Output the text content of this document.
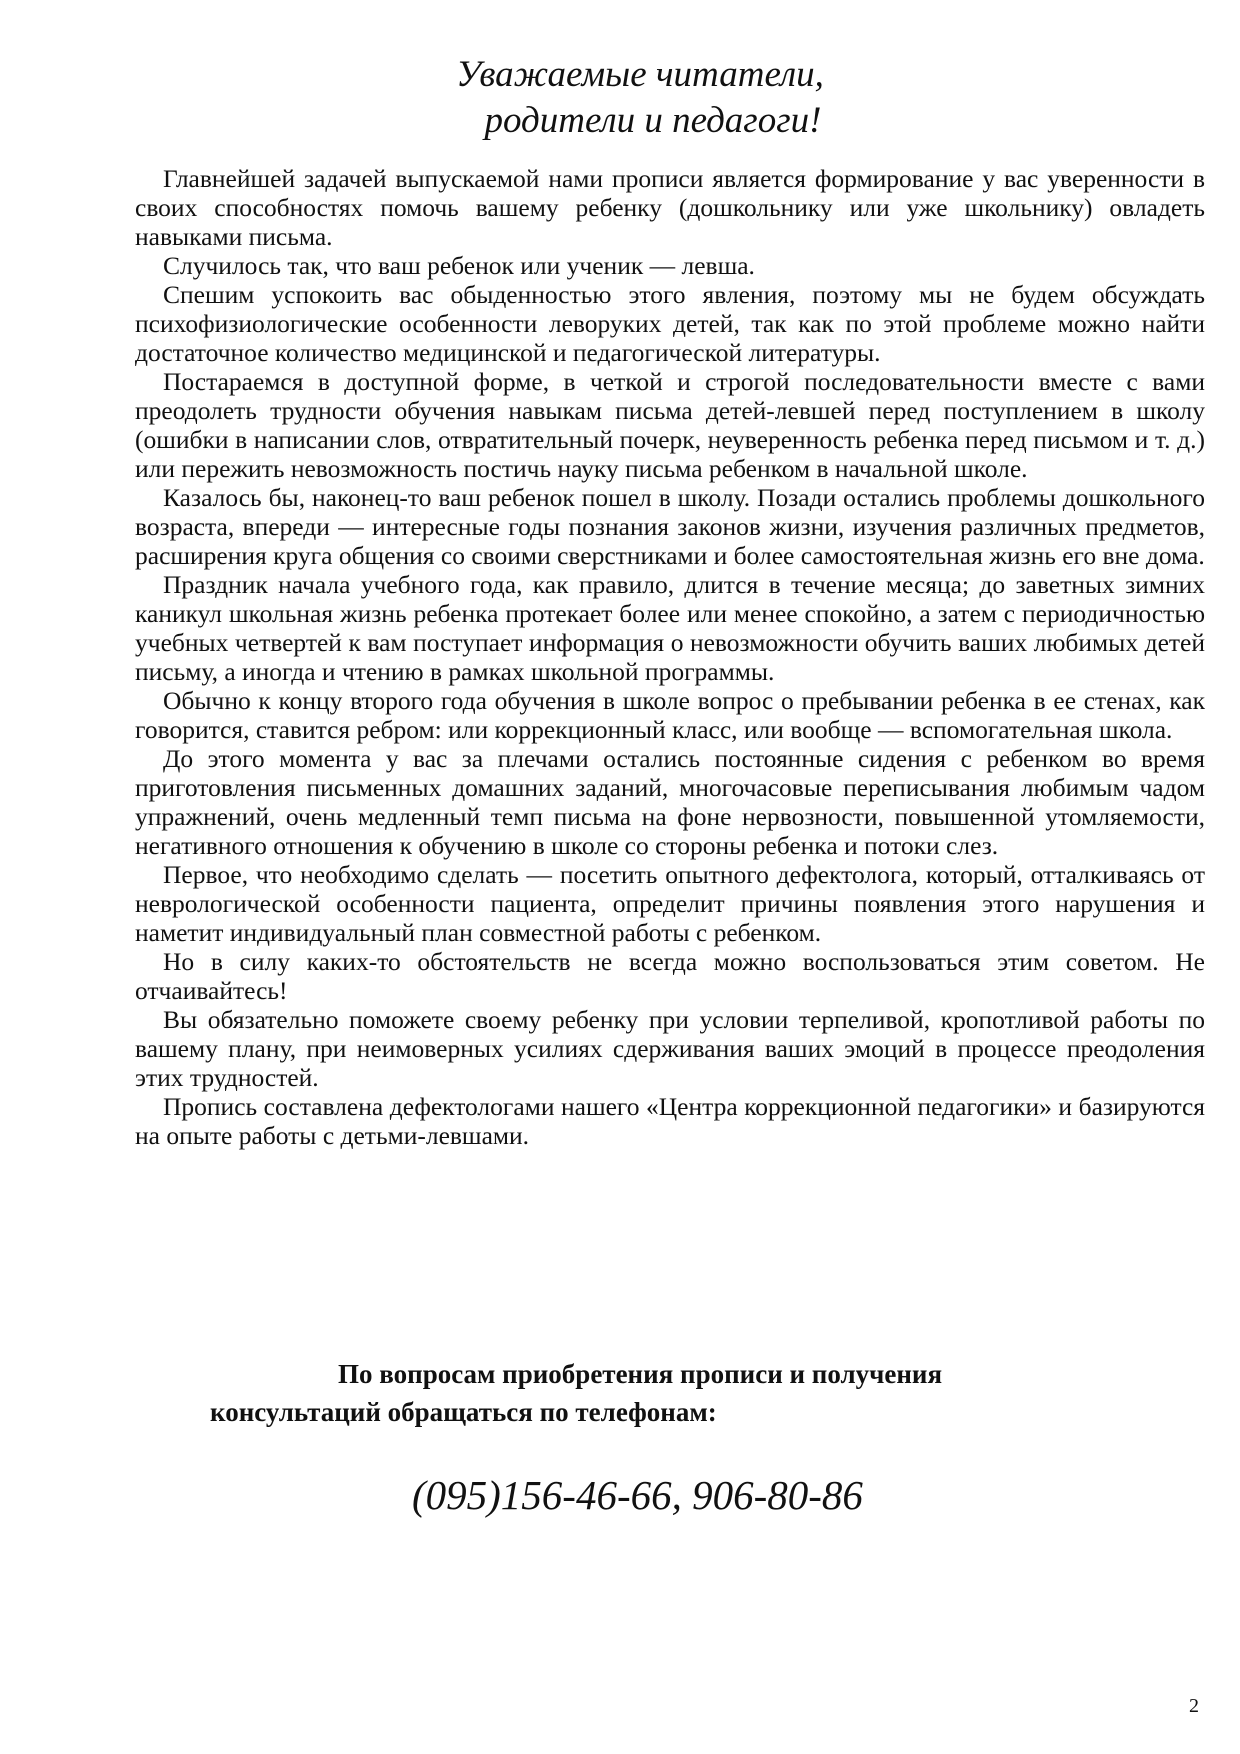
Уважаемые читатели,
родители и педагоги!

Главнейшей задачей выпускаемой нами прописи является формирование у вас уверенности в своих способностях помочь вашему ребенку (дошкольнику или уже школьнику) овладеть навыками письма.

Случилось так, что ваш ребенок или ученик — левша.

Спешим успокоить вас обыденностью этого явления, поэтому мы не будем обсуждать психофизиологические особенности леворуких детей, так как по этой проблеме можно найти достаточное количество медицинской и педагогической литературы.

Постараемся в доступной форме, в четкой и строгой последовательности вместе с вами преодолеть трудности обучения навыкам письма детей-левшей перед поступлением в школу (ошибки в написании слов, отвратительный почерк, неуверенность ребенка перед письмом и т. д.) или пережить невозможность постичь науку письма ребенком в начальной школе.

Казалось бы, наконец-то ваш ребенок пошел в школу. Позади остались проблемы дошкольного возраста, впереди — интересные годы познания законов жизни, изучения различных предметов, расширения круга общения со своими сверстниками и более самостоятельная жизнь его вне дома.

Праздник начала учебного года, как правило, длится в течение месяца; до заветных зимних каникул школьная жизнь ребенка протекает более или менее спокойно, а затем с периодичностью учебных четвертей к вам поступает информация о невозможности обучить ваших любимых детей письму, а иногда и чтению в рамках школьной программы.

Обычно к концу второго года обучения в школе вопрос о пребывании ребенка в ее стенах, как говорится, ставится ребром: или коррекционный класс, или вообще — вспомогательная школа.

До этого момента у вас за плечами остались постоянные сидения с ребенком во время приготовления письменных домашних заданий, многочасовые переписывания любимым чадом упражнений, очень медленный темп письма на фоне нервозности, повышенной утомляемости, негативного отношения к обучению в школе со стороны ребенка и потоки слез.

Первое, что необходимо сделать — посетить опытного дефектолога, который, отталкиваясь от неврологической особенности пациента, определит причины появления этого нарушения и наметит индивидуальный план совместной работы с ребенком.

Но в силу каких-то обстоятельств не всегда можно воспользоваться этим советом. Не отчаивайтесь!

Вы обязательно поможете своему ребенку при условии терпеливой, кропотливой работы по вашему плану, при неимоверных усилиях сдерживания ваших эмоций в процессе преодоления этих трудностей.

Пропись составлена дефектологами нашего «Центра коррекционной педагогики» и базируются на опыте работы с детьми-левшами.

По вопросам приобретения прописи и получения
консультаций обращаться по телефонам:
(095)156-46-66, 906-80-86
2
